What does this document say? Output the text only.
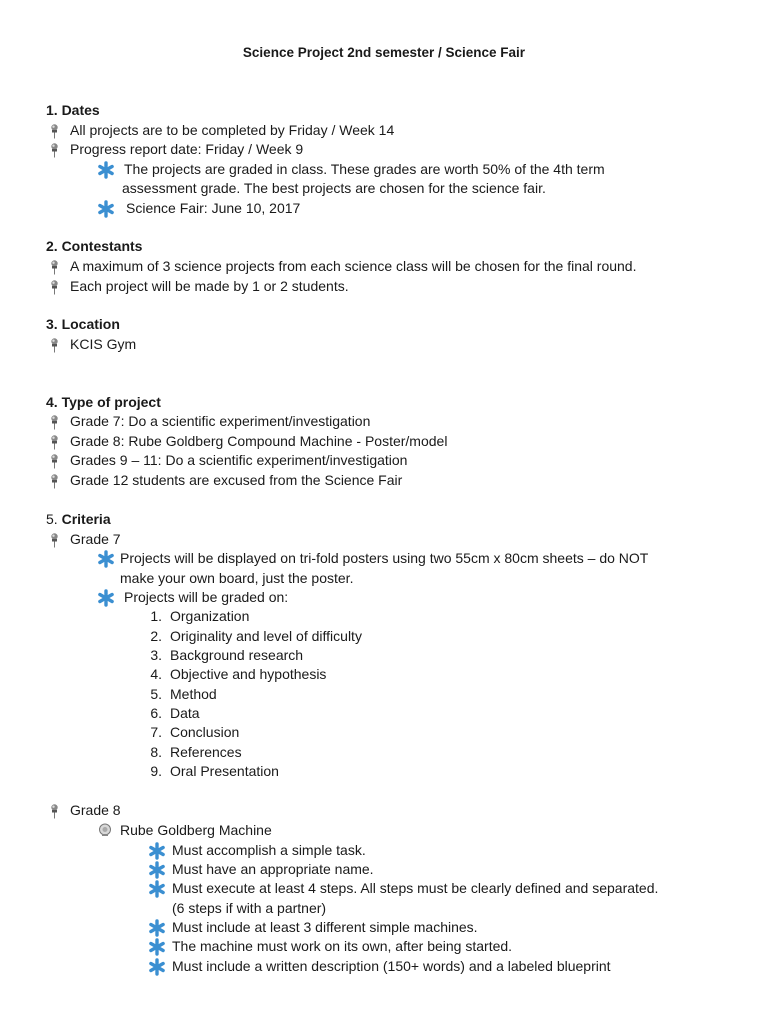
Science Project 2nd semester / Science Fair
1. Dates
All projects are to be completed by Friday / Week 14
Progress report date: Friday / Week 9
The projects are graded in class. These grades are worth 50% of the 4th term
assessment grade. The best projects are chosen for the science fair.
Science Fair: June 10, 2017
2. Contestants
A maximum of 3 science projects from each science class will be chosen for the final round.
Each project will be made by 1 or 2 students.
3. Location
KCIS Gym
4. Type of project
Grade 7: Do a scientific experiment/investigation
Grade 8: Rube Goldberg Compound Machine - Poster/model
Grades 9 – 11: Do a scientific experiment/investigation
Grade 12 students are excused from the Science Fair
5. Criteria
Grade 7
Projects will be displayed on tri-fold posters using two 55cm x 80cm sheets – do NOT
make your own board, just the poster.
Projects will be graded on:
1. Organization
2. Originality and level of difficulty
3. Background research
4. Objective and hypothesis
5. Method
6. Data
7. Conclusion
8. References
9. Oral Presentation
Grade 8
Rube Goldberg Machine
Must accomplish a simple task.
Must have an appropriate name.
Must execute at least 4 steps. All steps must be clearly defined and separated.
(6 steps if with a partner)
Must include at least 3 different simple machines.
The machine must work on its own, after being started.
Must include a written description (150+ words) and a labeled blueprint
